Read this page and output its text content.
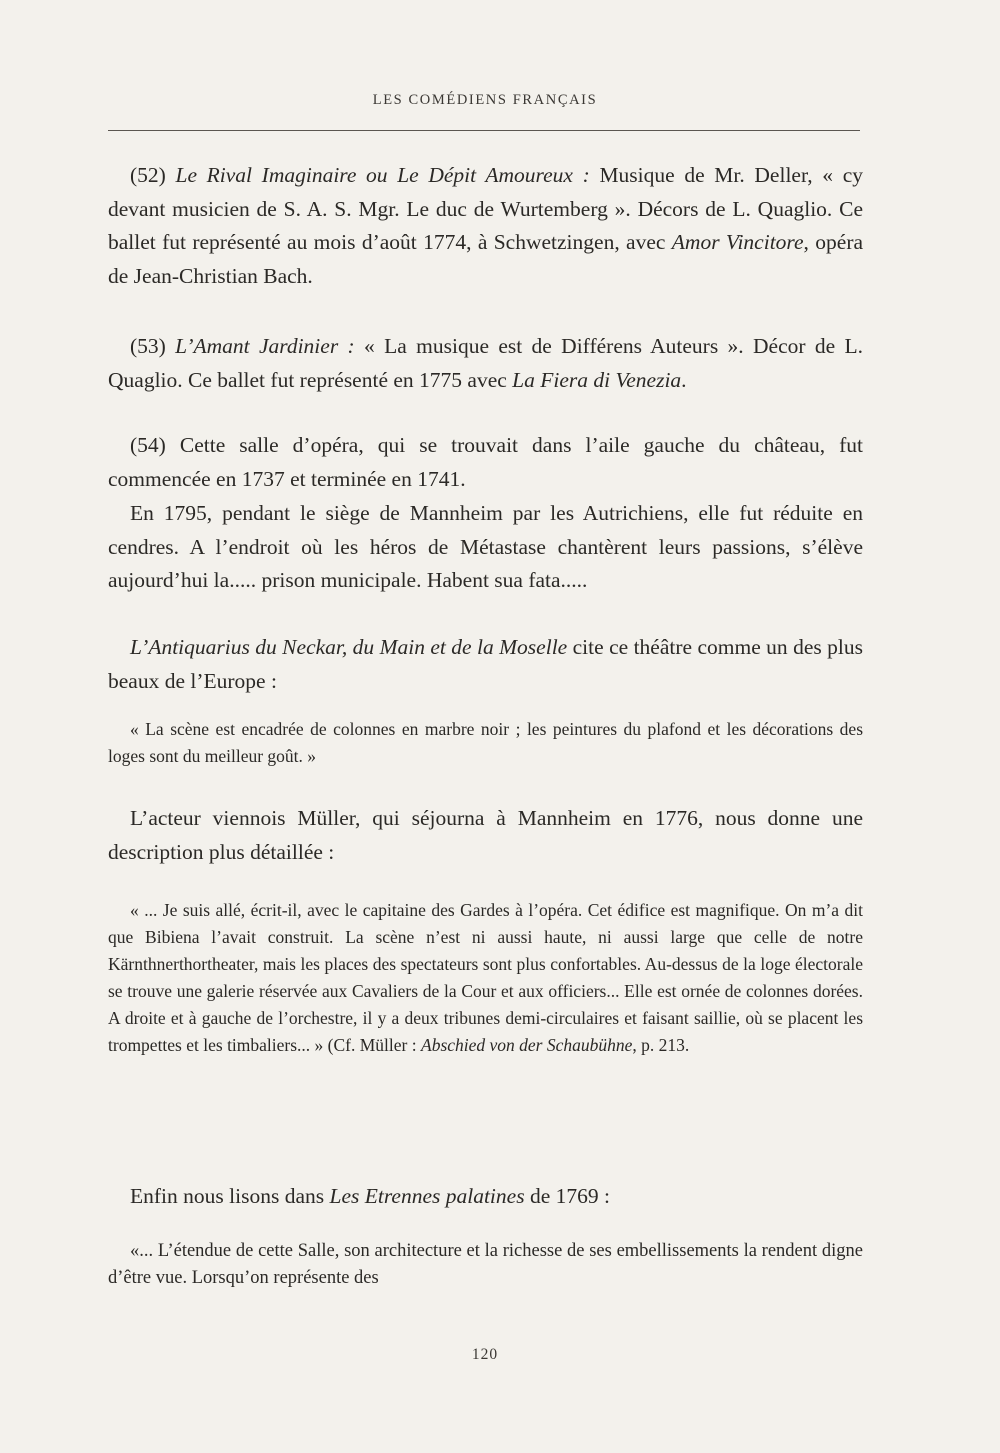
LES COMÉDIENS FRANÇAIS

(52) Le Rival Imaginaire ou Le Dépit Amoureux : Musique de Mr. Deller, « cy devant musicien de S. A. S. Mgr. Le duc de Wurtemberg ». Décors de L. Quaglio. Ce ballet fut représenté au mois d’août 1774, à Schwetzingen, avec Amor Vincitore, opéra de Jean-Christian Bach.

(53) L’Amant Jardinier : « La musique est de Différens Auteurs ». Décor de L. Quaglio. Ce ballet fut représenté en 1775 avec La Fiera di Venezia.

(54) Cette salle d’opéra, qui se trouvait dans l’aile gauche du château, fut commencée en 1737 et terminée en 1741.

En 1795, pendant le siège de Mannheim par les Autrichiens, elle fut réduite en cendres. A l’endroit où les héros de Métastase chantèrent leurs passions, s’élève aujourd’hui la..... prison municipale. Habent sua fata.....

L’Antiquarius du Neckar, du Main et de la Moselle cite ce théâtre comme un des plus beaux de l’Europe :

« La scène est encadrée de colonnes en marbre noir ; les peintures du plafond et les décorations des loges sont du meilleur goût. »

L’acteur viennois Müller, qui séjourna à Mannheim en 1776, nous donne une description plus détaillée :

« ... Je suis allé, écrit-il, avec le capitaine des Gardes à l’opéra. Cet édifice est magnifique. On m’a dit que Bibiena l’avait construit. La scène n’est ni aussi haute, ni aussi large que celle de notre Kärnthnerthortheater, mais les places des spectateurs sont plus confortables. Au-dessus de la loge électorale se trouve une galerie réservée aux Cavaliers de la Cour et aux officiers... Elle est ornée de colonnes dorées. A droite et à gauche de l’orchestre, il y a deux tribunes demi-circulaires et faisant saillie, où se placent les trompettes et les timbaliers... » (Cf. Müller : Abschied von der Schaubühne, p. 213.

Enfin nous lisons dans Les Etrennes palatines de 1769 :

«... L’étendue de cette Salle, son architecture et la richesse de ses embellissements la rendent digne d’être vue. Lorsqu’on représente des

120
